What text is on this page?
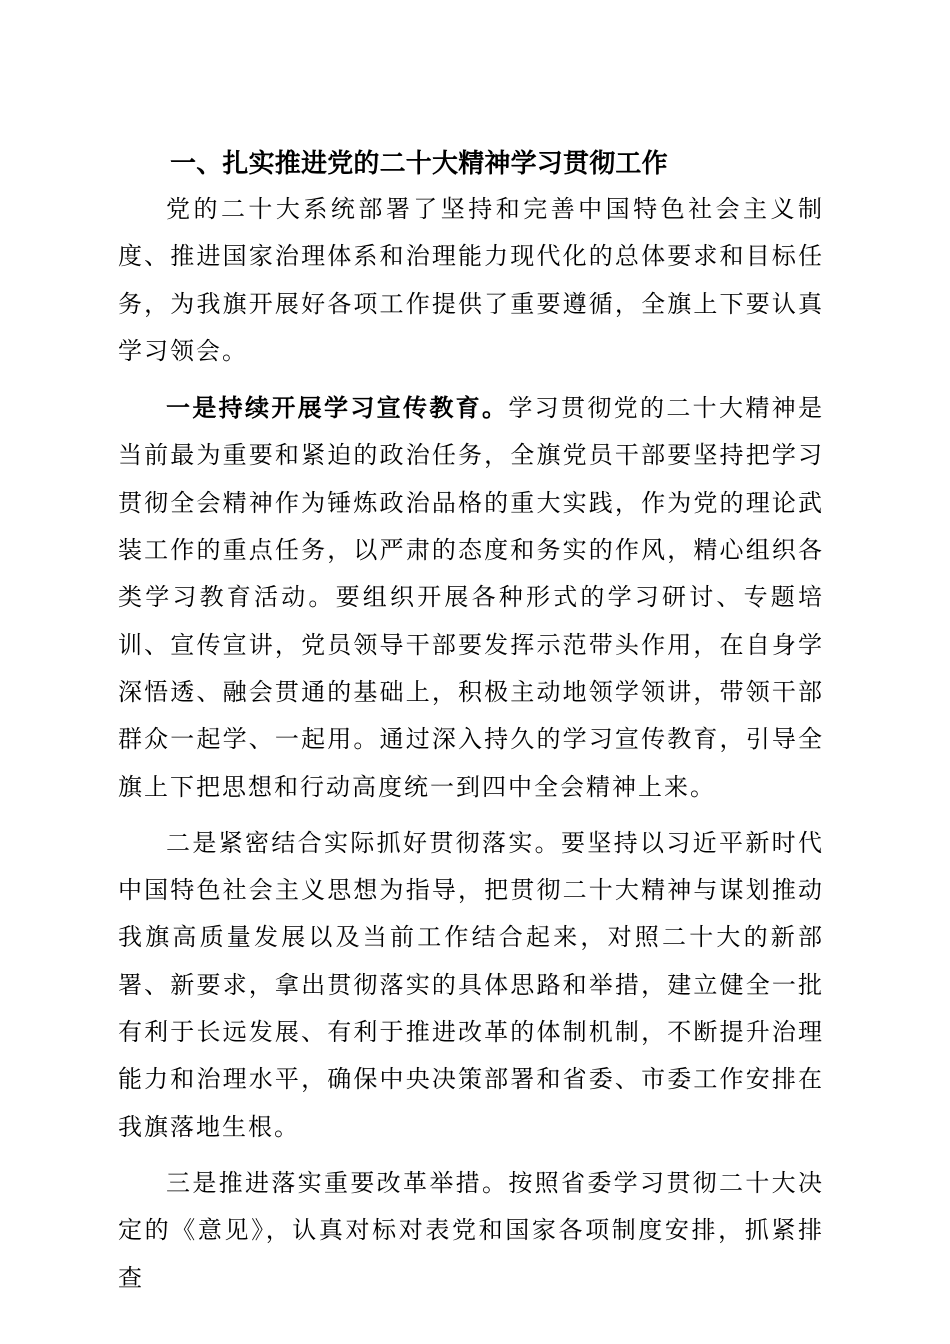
一、扎实推进党的二十大精神学习贯彻工作

党的二十大系统部署了坚持和完善中国特色社会主义制度、推进国家治理体系和治理能力现代化的总体要求和目标任务，为我旗开展好各项工作提供了重要遵循，全旗上下要认真学习领会。

一是持续开展学习宣传教育。学习贯彻党的二十大精神是当前最为重要和紧迫的政治任务，全旗党员干部要坚持把学习贯彻全会精神作为锤炼政治品格的重大实践，作为党的理论武装工作的重点任务，以严肃的态度和务实的作风，精心组织各类学习教育活动。要组织开展各种形式的学习研讨、专题培训、宣传宣讲，党员领导干部要发挥示范带头作用，在自身学深悟透、融会贯通的基础上，积极主动地领学领讲，带领干部群众一起学、一起用。通过深入持久的学习宣传教育，引导全旗上下把思想和行动高度统一到四中全会精神上来。

二是紧密结合实际抓好贯彻落实。要坚持以习近平新时代中国特色社会主义思想为指导，把贯彻二十大精神与谋划推动我旗高质量发展以及当前工作结合起来，对照二十大的新部署、新要求，拿出贯彻落实的具体思路和举措，建立健全一批有利于长远发展、有利于推进改革的体制机制，不断提升治理能力和治理水平，确保中央决策部署和省委、市委工作安排在我旗落地生根。

三是推进落实重要改革举措。按照省委学习贯彻二十大决定的《意见》，认真对标对表党和国家各项制度安排，抓紧排查
